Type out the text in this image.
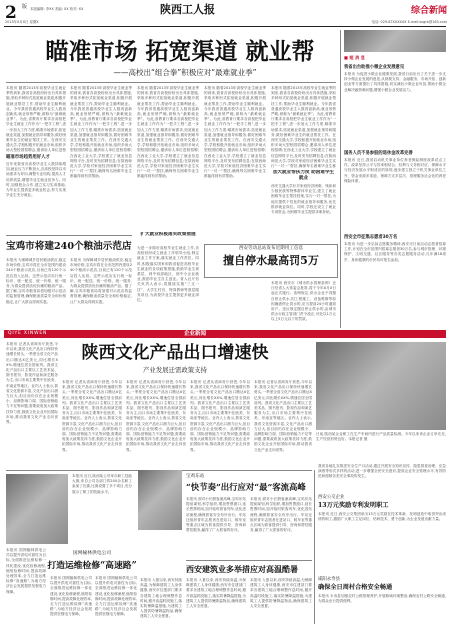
2 $^版$ 本版编辑: 李XX 美编: XX 校对: XX	陕西工人报	综合新闻
2013年X月X日 星期X	电话: 029-87XXXXXX E-mail:sxgrb@163.com
瞄准市场 拓宽渠道 就业帮
——高校出“组合拳”积极应对“最难就业季”
本报讯 随着2013年高校毕业生就业季的到来,我省各高校纷纷出台具体措施,采取多种形式拓宽就业渠道,积极开展就业帮扶工作,帮助毕业生顺利就业。今年我省普通高校毕业生人数再创新高,就业形势严峻,被称为“最难就业季”。为此,省教育厅要求各高校把毕业生就业工作作为“一把手工程”,进一步加大工作力度,瞄准市场需求,拓宽就业渠道,加强就业指导和服务,做好困难毕业生的就业帮扶工作。在西安交通大学,学校积极开拓就业市场,组织多场大型校园招聘会,邀请用人单位进校
本报讯 随着2013年高校毕业生就业季的到来,我省各高校纷纷出台具体措施,采取多种形式拓宽就业渠道,积极开展就业帮扶工作,帮助毕业生顺利就业。今年我省普通高校毕业生人数再创新高,就业形势严峻,被称为“最难就业季”。为此,省教育厅要求各高校把毕业生就业工作作为“一把手工程”,进一步加大工作力度,瞄准市场需求,拓宽就业渠道,加强就业指导和服务,做好困难毕业生的就业帮扶工作。在西安交通大学,学校积极开拓就业市场,组织多场大型校园招聘会,邀请用人单位进校招聘;在西北工业大学,学校建立了就业信息网络平台,及时发布招聘信息;在陕西师范大学,学校对家庭经济困难毕业生实行“一对一”帮扶,确保每名困难毕业生都能得到有效帮助。
本报讯 随着2013年高校毕业生就业季的到来,我省各高校纷纷出台具体措施,采取多种形式拓宽就业渠道,积极开展就业帮扶工作,帮助毕业生顺利就业。今年我省普通高校毕业生人数再创新高,就业形势严峻,被称为“最难就业季”。为此,省教育厅要求各高校把毕业生就业工作作为“一把手工程”,进一步加大工作力度,瞄准市场需求,拓宽就业渠道,加强就业指导和服务,做好困难毕业生的就业帮扶工作。在西安交通大学,学校积极开拓就业市场,组织多场大型校园招聘会,邀请用人单位进校招聘;在西北工业大学,学校建立了就业信息网络平台,及时发布招聘信息;在陕西师范大学,学校对家庭经济困难毕业生实行“一对一”帮扶,确保每名困难毕业生都能得到有效帮助。
本报讯 随着2013年高校毕业生就业季的到来,我省各高校纷纷出台具体措施,采取多种形式拓宽就业渠道,积极开展就业帮扶工作,帮助毕业生顺利就业。今年我省普通高校毕业生人数再创新高,就业形势严峻,被称为“最难就业季”。为此,省教育厅要求各高校把毕业生就业工作作为“一把手工程”,进一步加大工作力度,瞄准市场需求,拓宽就业渠道,加强就业指导和服务,做好困难毕业生的就业帮扶工作。在西安交通大学,学校积极开拓就业市场,组织多场大型校园招聘会,邀请用人单位进校招聘;在西北工业大学,学校建立了就业信息网络平台,及时发布招聘信息;在陕西师范大学,学校对家庭经济困难毕业生实行“一对一”帮扶,确保每名困难毕业生都能得到有效帮助。
本报讯 随着2013年高校毕业生就业季的到来,我省各高校纷纷出台具体措施,采取多种形式拓宽就业渠道,积极开展就业帮扶工作,帮助毕业生顺利就业。今年我省普通高校毕业生人数再创新高,就业形势严峻,被称为“最难就业季”。为此,省教育厅要求各高校把毕业生就业工作作为“一把手工程”,进一步加大工作力度,瞄准市场需求,拓宽就业渠道,加强就业指导和服务,做好困难毕业生的就业帮扶工作。在西安交通大学,学校积极开拓就业市场,组织多场大型校园招聘会,邀请用人单位进校招聘;在西北工业大学,学校建立了就业信息网络平台,及时发布招聘信息;在陕西师范大学,学校对家庭经济困难毕业生实行“一对一”帮扶,确保每名困难毕业生都
瞄准市场趋势用好人才
近年来我省各高校毕业生人数持续增加,就业压力不断加大,各高校坚持以市场需求为导向,调整专业结构,提高人才培养质量,增强毕业生就业竞争力。同时,加强校企合作,建立实习实训基地,为毕业生提供更多就业机会,努力实现毕业生充分就业。
宝鸡市将建240个粮油示范店
本报讯 为保障城乡居民粮油供应,稳定市场价格,宝鸡市将在全市范围内建设240个粮油示范店,目前已有120个示范店投入运营。这些示范店实行统一标识、统一配送、统一价格、统一服务,为群众提供质优价廉的粮油产品。据了解,宝鸡市粮食局将加强对示范店的监督管理,确保粮油质量安全和价格稳定,让广大群众得到实惠。
本报讯 为保障城乡居民粮油供应,稳定市场价格,宝鸡市将在全市范围内建设240个粮油示范店,目前已有120个示范店投入运营。这些示范店实行统一标识、统一配送、统一价格、统一服务,为群众提供质优价廉的粮油产品。据了解,宝鸡市粮食局将加强对示范店的监督管理,确保粮油质量安全和价格稳定,让广大群众得到实惠。
扩大就业积极落实政策措施
为进一步做好高校毕业生就业工作,各高校纷纷成立就业工作领导小组,制定就业工作方案,落实就业工作责任。同时,积极落实国家和我省促进高校毕业生就业的各项政策措施,鼓励毕业生到基层、到中西部地区、到中小企业就业,鼓励毕业生自主创业。省人社厅有关负责人表示,将继续实施“三支一扶”、大学生村官、特岗教师等基层服务项目,为高校毕业生提供更多就业岗位。
加大就业帮扶力度 助困难学生就业
西安交通大学针对家庭经济困难、残疾和少数民族等特殊群体毕业生,建立了就业困难毕业生帮扶档案,实行一对一帮扶,为他们提供个性化的就业指导和服务,优先推荐就业岗位。同时,学校还设立了就业专项资金,为困难毕业生提供求职补贴。
西安劳动总站发布近期用工信息
擅自停水最高罚5万
本报讯 西安市《城市供水管理条例》近日经省人大常委会批准,将于今年X月X日起正式施行。条例规定,供水企业不得擅自停止供水,因工程施工、设备维修等原因确需停止供水的,应当提前24小时通知用户。违反规定擅自停止供水的,由城市供水行政主管部门责令改正,可处以1万元以上5万元以下的罚款。
■ 短 消 息
我省出台助推小微企业发展意见
本报讯 为促进小微企业健康发展,我省日前出台了关于进一步支持小微企业发展的意见,从财税支持、金融服务、市场开拓、创新创业等方面提出了具体措施,切实减轻小微企业负担,帮助小微企业解决融资难问题,增强小微企业发展活力。
国务人员不易参股的退休金改革完善
本报讯 近日,我省启动机关事业单位养老保险制度改革试点工作。改革坚持公平与效率相结合、权利与义务相对应、保障水平与经济发展水平相适应的原则,逐步建立独立于机关事业单位之外、资金来源多渠道、保障方式多层次、管理服务社会化的养老保险体系。
西安全市征集志愿者30万名
本报讯 为进一步弘扬志愿服务精神,西安市日前启动志愿者招募工作,计划在全市范围内招募志愿者30万名,参与城市管理、环境保护、文明交通、社区服务等各类志愿服务活动,凡年满18周岁、身体健康的市民均可报名参加。
QIYE XINWEN	企业新闻
陕西文化产品出口增速快
产业发展迁需政策支持
本报讯 记者从省商务厅获悉,今年以来,我省文化产品出口保持快速增长势头,一季度全省文化产品出口额达X亿美元,同比增长XX%,增速位居全国前列。我省文化产品出口主要以工艺美术品、图书报刊、影视作品和演艺服务为主,出口市场主要集中在欧美、东南亚等地区。业内人士表示,我省文化资源丰富,文化产品出口潜力巨大,但目前仍存在企业规模小、品牌影响力弱、国际营销能力不足等问题,需要政府加大政策扶持力度,鼓励文化企业开拓国际市场,推动我省文化产业走向世界。
本报讯 记者从省商务厅获悉,今年以来,我省文化产品出口保持快速增长势头,一季度全省文化产品出口额达X亿美元,同比增长XX%,增速位居全国前列。我省文化产品出口主要以工艺美术品、图书报刊、影视作品和演艺服务为主,出口市场主要集中在欧美、东南亚等地区。业内人士表示,我省文化资源丰富,文化产品出口潜力巨大,但目前仍存在企业规模小、品牌影响力弱、国际营销能力不足等问题,需要政府加大政策扶持力度,鼓励文化企业开拓国际市场,推动我省文化产业走向世界。
本报讯 记者从省商务厅获悉,今年以来,我省文化产品出口保持快速增长势头,一季度全省文化产品出口额达X亿美元,同比增长XX%,增速位居全国前列。我省文化产品出口主要以工艺美术品、图书报刊、影视作品和演艺服务为主,出口市场主要集中在欧美、东南亚等地区。业内人士表示,我省文化资源丰富,文化产品出口潜力巨大,但目前仍存在企业规模小、品牌影响力弱、国际营销能力不足等问题,需要政府加大政策扶持力度,鼓励文化企业开拓国际市场,推动我省文化产业走向世界。
本报讯 记者从省商务厅获悉,今年以来,我省文化产品出口保持快速增长势头,一季度全省文化产品出口额达X亿美元,同比增长XX%,增速位居全国前列。我省文化产品出口主要以工艺美术品、图书报刊、影视作品和演艺服务为主,出口市场主要集中在欧美、东南亚等地区。业内人士表示,我省文化资源丰富,文化产品出口潜力巨大,但目前仍存在企业规模小、品牌影响力弱、国际营销能力不足等问题,需要政府加大政策扶持力度,鼓励文化企业开拓国际市场,推动我省文化产业走向世界。
本报讯 记者从省商务厅获悉,今年以来,我省文化产品出口保持快速增长势头,一季度全省文化产品出口额达X亿美元,同比增长XX%,增速位居全国前列。我省文化产品出口主要以工艺美术品、图书报刊、影视作品和演艺服务为主,出口市场主要集中在欧美、东南亚等地区。业内人士表示,我省文化资源丰富,文化产品出口潜力巨大,但目前仍存在企业规模小、品牌影响力弱、国际营销能力不足等问题,需要政府加大政策扶持力度,鼓励文化企业开拓国际市场,推动我省文化产业走向世界。
日前,陕西某企业职工在生产车间内进行产品质量检测。今年以来该企业订单充足,生产经营形势良好。本报记者 摄
本报讯 近日,陕西某公司举办职工技能大赛,来自公司各部门的200余名职工参加了比赛,比赛设置了多个项目,充分展示了职工的技能水平。
本报讯 国网榆林供电公司以提升供电可靠性为目标,全面推进运维检修一体化建设,优化检修流程,缩短检修时间,提高故障处理效率,全力打造运维检修“高速路”,为地方经济社会发展提供坚强电力保障。
国网榆林供电公司
打造运维检修“高速路”
本报讯 国网榆林供电公司以提升供电可靠性为目标,全面推进运维检修一体化建设,优化检修流程,缩短检修时间,提高故障处理效率,全力打造运维检修“高速路”,为地方经济社会发展提供坚强电力保障。
本报讯 国网榆林供电公司以提升供电可靠性为目标,全面推进运维检修一体化建设,优化检修流程,缩短检修时间,提高故障处理效率,全力打造运维检修“高速路”,为地方经济社会发展提供坚强电力保障。
宝鸡东站
“快节奏”出行应对“最”客流高峰
本报讯 面对小长假客流高峰,宝鸡东站提前谋划,科学组织,增加售票窗口,延长售票时间,加开临时旅客列车,优化进站流程,确保旅客安全有序出行。车站还组织青年志愿者在进站口、候车室等重点区域为旅客提供引导、咨询和帮扶服务,赢得了广大旅客的好评。
本报讯 面对小长假客流高峰,宝鸡东站提前谋划,科学组织,增加售票窗口,延长售票时间,加开临时旅客列车,优化进站流程,确保旅客安全有序出行。车站还组织青年志愿者在进站口、候车室等重点区域为旅客提供引导、咨询和帮扶服务,赢得了广大旅客的好评。
西安建筑业多举措应对高温酷暑
本报讯 入夏以来,西安持续高温,为保障建筑工人身体健康,西安市住建部门要求各建筑工地合理调整作息时间,避开高温时段施工,落实防暑降温措施,为建筑工人提供防暑降温物品,确保建筑工人安全度夏。
本报讯 入夏以来,西安持续高温,为保障建筑工人身体健康,西安市住建部门要求各建筑工地合理调整作息时间,避开高温时段施工,落实防暑降温措施,为建筑工人提供防暑降温物品,确保建筑工人安全度夏。
本报讯 入夏以来,西安持续高温,为保障建筑工人身体健康,西安市住建部门要求各建筑工地合理调整作息时间,避开高温时段施工,落实防暑降温措施,为建筑工人提供防暑降温物品,确保建筑工人安全度夏。
我省各地扎实推进安全生产月活动,通过开展安全知识宣传、隐患排查治理、应急演练等形式多样的活动,进一步增强全民安全意识,提高企业安全管理水平,有效防范和遏制各类安全事故的发生。
西安公交企业
13万元奖励专利发明职工
本报讯 近日,西安公交集团拿出13万元奖励在技术革新、发明创造中取得突出成绩的职工,激励广大职工立足岗位、钻研技术、勇于创新,为企业发展贡献力量。
咸阳永寿县
确保全日周村合格安全畅通
本报讯 永寿县加强农村公路管理养护,开展路域环境整治,确保农村公路安全畅通,为群众出行提供便利。
